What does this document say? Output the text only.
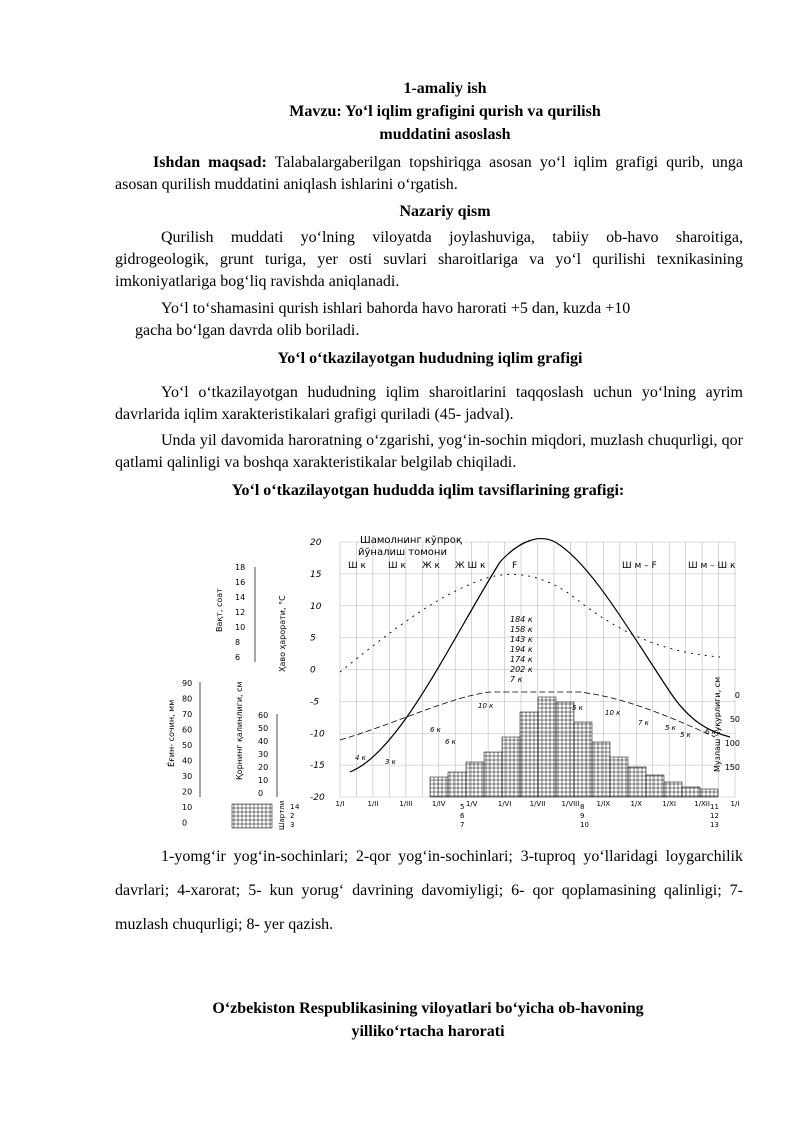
1-amaliy ish
Mavzu: Yo‘l iqlim grafigini qurish va qurilish
muddatini asoslash
Ishdan maqsad: Talabalargaberilgan topshiriqga asosan yo‘l iqlim grafigi qurib, unga asosan qurilish muddatini aniqlash ishlarini o‘rgatish.
Nazariy qism
Qurilish muddati yo‘lning viloyatda joylashuviga, tabiiy ob-havo sharoitiga, gidrogeologik, grunt turiga, yer osti suvlari sharoitlariga va yo‘l qurilishi texnikasining imkoniyatlariga bog‘liq ravishda aniqlanadi.
Yo‘l to‘shamasini qurish ishlari bahorda havo harorati +5 dan, kuzda +10
gacha bo‘lgan davrda olib boriladi.
Yo‘l o‘tkazilayotgan hududning iqlim grafigi
Yo‘l o‘tkazilayotgan hududning iqlim sharoitlarini taqqoslash uchun yo‘lning ayrim davrlarida iqlim xarakteristikalari grafigi quriladi (45- jadval).
Unda yil davomida haroratning o‘zgarishi, yog‘in-sochin miqdori, muzlash chuqurligi, qor qatlami qalinligi va boshqa xarakteristikalar belgilab chiqiladi.
Yo‘l o‘tkazilayotgan hududda iqlim tavsiflarining grafigi:
20
15
10
5
0
-5
-10
-15
-20
Ҳаво ҳарорати, °C
18
16
14
12
10
8
6
Вақт, соат
90
80
70
60
50
40
30
20
10
0
Ёғин- сочин, мм	60
50
40
30
20
10
0
Қорнинг қалинлиги, см	0
50
100
150
Музлаш чуқурлиги, см
Шамолнинг кўпроқ
йўналиш томони
Ш к Ш к Ж к Ж Ш к	F	Ш м – F	Ш м – Ш к
184 к
158 к
143 к
194 к
174 к
202 к
7 к
10 к	5 к
10 к
6 к
6 к
5 к
4 к	3 к
7 к
5 к	6 к
1/I	1/II	1/III	1/IV	1/V	1/VI	1/VII 1/VIII 1/IX	1/X	1/XI	1/XII	1/I
Шартли 1
2
3
4	5
6
7
8
9
10
11
12
13
1-yomg‘ir yog‘in-sochinlari; 2-qor yog‘in-sochinlari; 3-tuproq yo‘llaridagi loygarchilik davrlari; 4-xarorat; 5- kun yorug‘ davrining davomiyligi; 6- qor qoplamasining qalinligi; 7-muzlash chuqurligi; 8- yer qazish.
O‘zbekiston Respublikasining viloyatlari bo‘yicha ob-havoning
yilliko‘rtacha harorati
